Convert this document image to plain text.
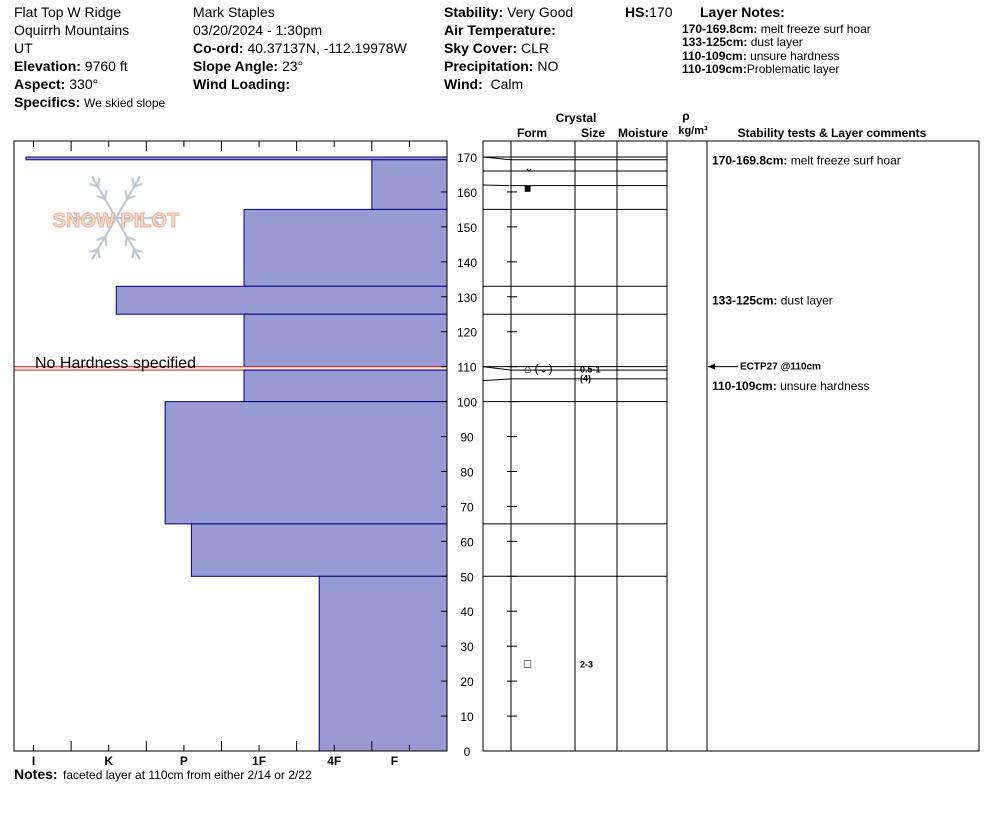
Flat Top W Ridge
Oquirrh Mountains
UT
Elevation: 9760 ft
Aspect: 330°
Specifics: We skied slope
Mark Staples
03/20/2024 - 1:30pm
Co-ord: 40.37137N, -112.19978W
Slope Angle: 23°
Wind Loading:
Stability: Very Good
Air Temperature:
Sky Cover: CLR
Precipitation: NO
Wind: Calm
HS:170 Layer Notes:
170-169.8cm: melt freeze surf hoar
133-125cm: dust layer
110-109cm: unsure hardness
110-109cm:Problematic layer
Crystal
Form	Size Moisture
ρ
kg/m³ Stability tests & Layer comments
SNOW PILOT
I	K	P	1F	4F	F
0
10
20
30
40
50
60
70
80
90
100
110
120
130
140
150
160
170
⌄
■
⌂ (⌄)	0.5-1
(4)
□	2-3
ECTP27 @110cm
170-169.8cm: melt freeze surf hoar
133-125cm: dust layer
110-109cm: unsure hardness
No Hardness specified
Notes: faceted layer at 110cm from either 2/14 or 2/22
